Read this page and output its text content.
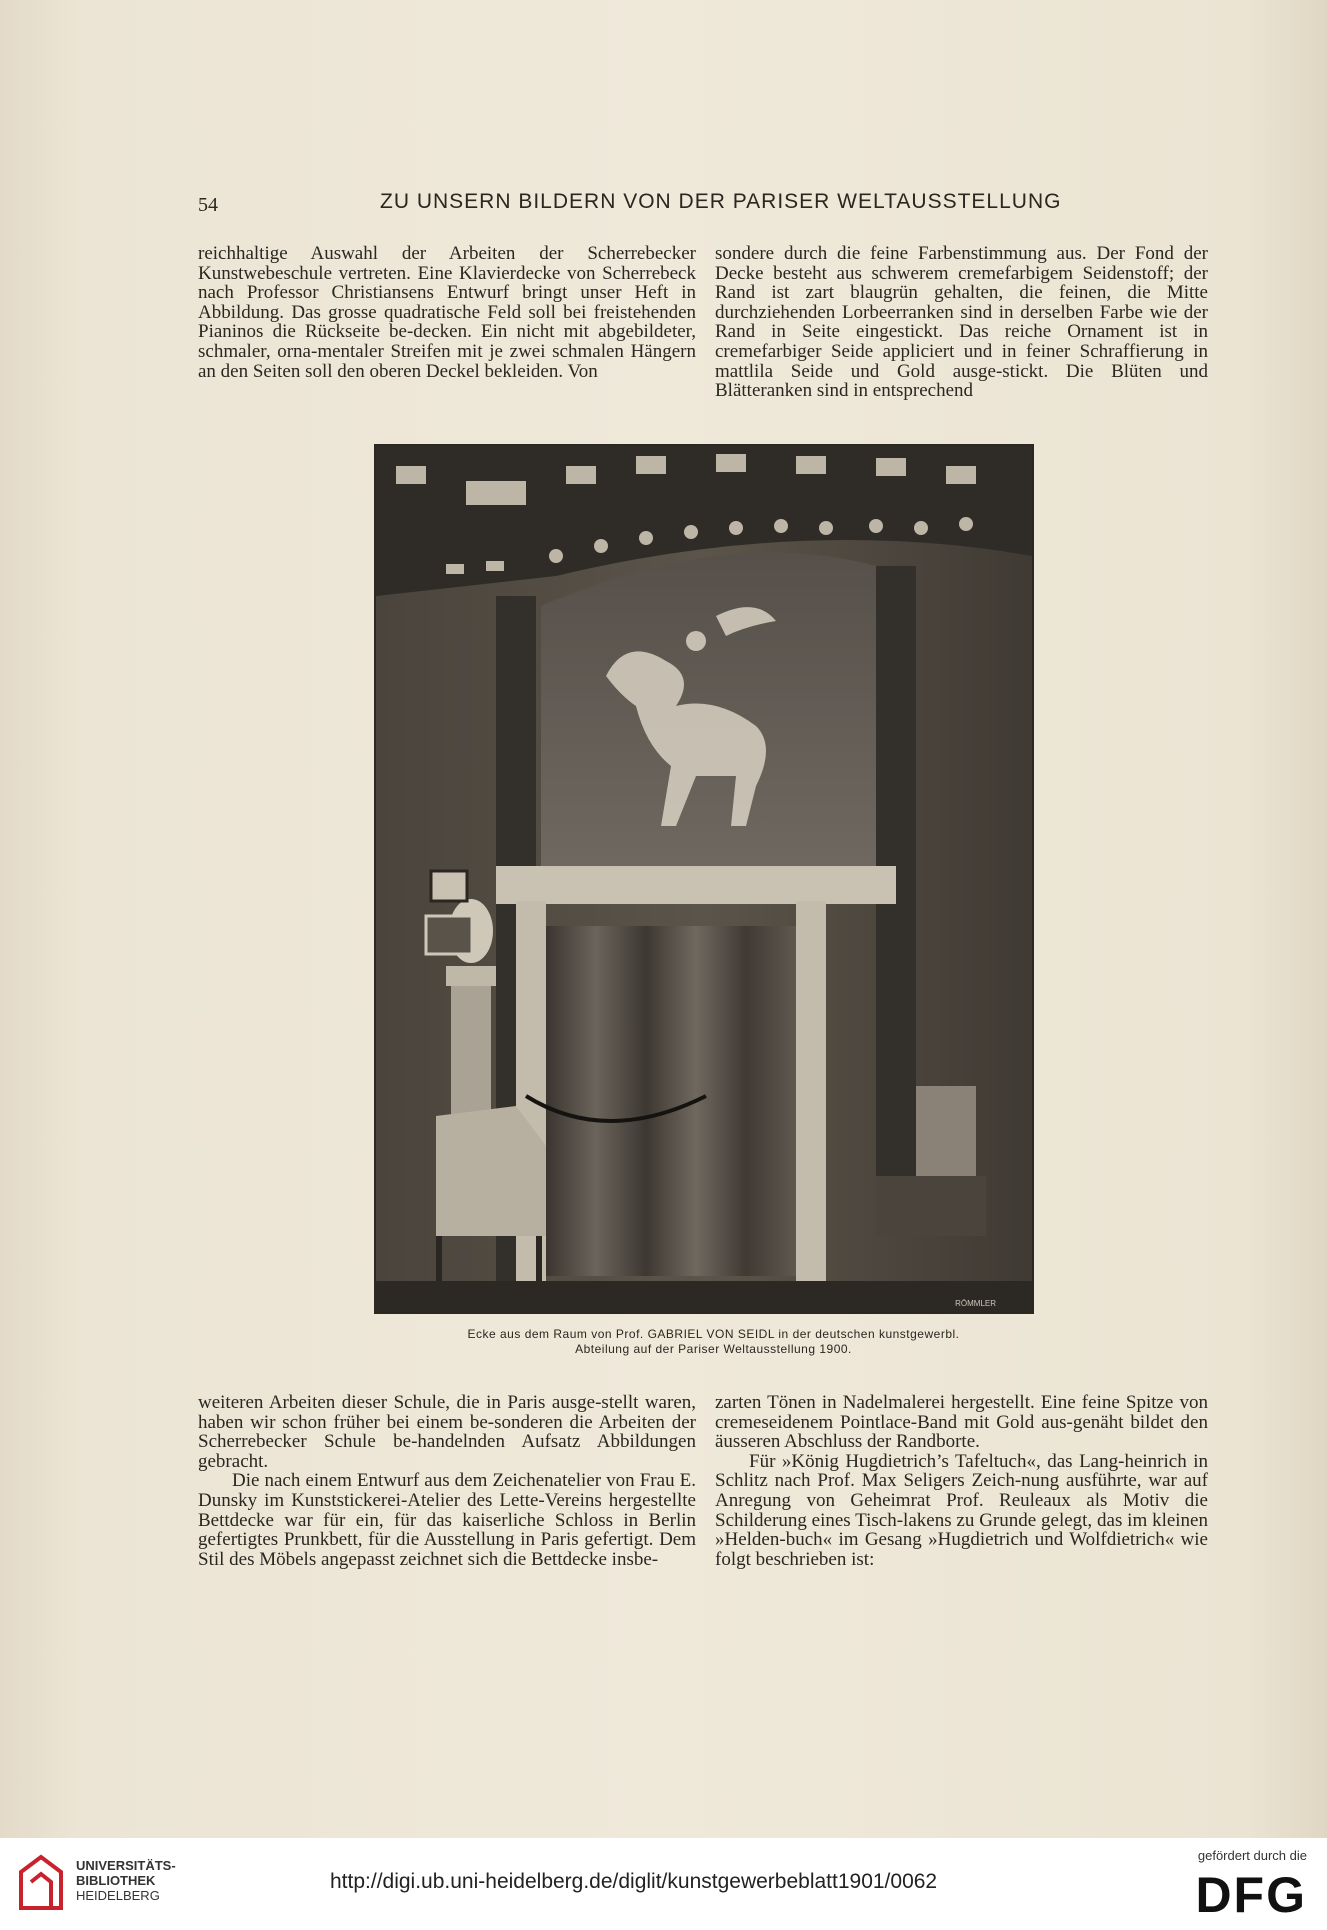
54	ZU UNSERN BILDERN VON DER PARISER WELTAUSSTELLUNG

reichhaltige Auswahl der Arbeiten der Scherrebecker Kunstwebeschule vertreten. Eine Klavierdecke von Scherrebeck nach Professor Christiansens Entwurf bringt unser Heft in Abbildung. Das grosse quadratische Feld soll bei freistehenden Pianinos die Rückseite be-decken. Ein nicht mit abgebildeter, schmaler, orna-mentaler Streifen mit je zwei schmalen Hängern an den Seiten soll den oberen Deckel bekleiden. Von

sondere durch die feine Farbenstimmung aus. Der Fond der Decke besteht aus schwerem cremefarbigem Seidenstoff; der Rand ist zart blaugrün gehalten, die feinen, die Mitte durchziehenden Lorbeerranken sind in derselben Farbe wie der Rand in Seite eingestickt. Das reiche Ornament ist in cremefarbiger Seide appliciert und in feiner Schraffierung in mattlila Seide und Gold ausge-stickt. Die Blüten und Blätteranken sind in entsprechend

RÖMMLER
Ecke aus dem Raum von Prof. GABRIEL VON SEIDL in der deutschen kunstgewerbl.
Abteilung auf der Pariser Weltausstellung 1900.

weiteren Arbeiten dieser Schule, die in Paris ausge-stellt waren, haben wir schon früher bei einem be-sonderen die Arbeiten der Scherrebecker Schule be-handelnden Aufsatz Abbildungen gebracht.

Die nach einem Entwurf aus dem Zeichenatelier von Frau E. Dunsky im Kunststickerei-Atelier des Lette-Vereins hergestellte Bettdecke war für ein, für das kaiserliche Schloss in Berlin gefertigtes Prunkbett, für die Ausstellung in Paris gefertigt. Dem Stil des Möbels angepasst zeichnet sich die Bettdecke insbe-

zarten Tönen in Nadelmalerei hergestellt. Eine feine Spitze von cremeseidenem Pointlace-Band mit Gold aus-genäht bildet den äusseren Abschluss der Randborte.

Für »König Hugdietrich’s Tafeltuch«, das Lang-heinrich in Schlitz nach Prof. Max Seligers Zeich-nung ausführte, war auf Anregung von Geheimrat Prof. Reuleaux als Motiv die Schilderung eines Tisch-lakens zu Grunde gelegt, das im kleinen »Helden-buch« im Gesang »Hugdietrich und Wolfdietrich« wie folgt beschrieben ist:

UNIVERSITÄTS-
BIBLIOTHEK
HEIDELBERG
http://digi.ub.uni-heidelberg.de/diglit/kunstgewerbeblatt1901/0062
gefördert durch die
DFG
